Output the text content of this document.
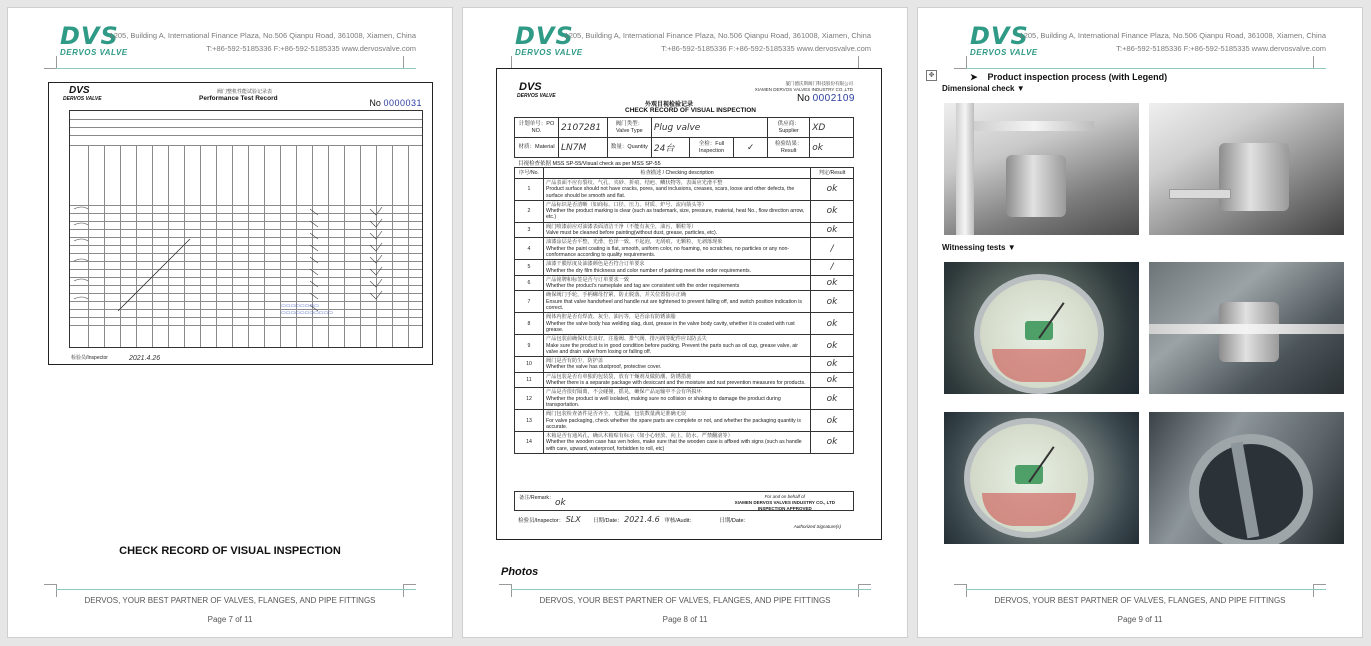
DVS
DERVOS VALVE
1205, Building A, International Finance Plaza, No.506 Qianpu Road, 361008, Xiamen, China
T:+86-592-5185336 F:+86-592-5185335 www.dervosvalve.com
DVS
DERVOS VALVE
阀门整机性能试验记录表
Performance Test Record	No 0000031
▭▭▭▭▭▭▭▭
▭▭▭▭▭▭▭▭▭▭▭
检验员/Inspector	2021.4.26
CHECK RECORD OF VISUAL INSPECTION
DERVOS, YOUR BEST PARTNER OF VALVES, FLANGES, AND PIPE FITTINGS
Page 7 of 11
DVS
DERVOS VALVE
1205, Building A, International Finance Plaza, No.506 Qianpu Road, 361008, Xiamen, China
T:+86-592-5185336 F:+86-592-5185335 www.dervosvalve.com
DVS
DERVOS VALVE
厦门德沃斯阀门科技股份有限公司
XIAMEN DERVOS VALVES INDUSTRY CO.,LTD
No 0002109
外观目视检验记录
CHECK RECORD OF VISUAL INSPECTION
计划单号：PO NO.	2107281	阀门类型：Valve Type	Plug valve			供应商：Supplier	XD
材质：Material	LN7M	数量：Quantity	24台	全检：Full Inspection	✓	检验结果：Result	ok
目视检查依据 MSS SP-55/Visual check as per MSS SP-55
序号/No.	检查描述 / Checking description	判定/Result
1	产品表面不应有裂纹、气孔、夹砂、折痕、结疤、鳞状物等，表面应光滑平整
Product surface should not have cracks, pores, sand inclusions, creases, scars, loose and other defects, the surface should be smooth and flat.	ok
2	产品标识是否清晰（如商标、口径、压力、材质、炉号、流向箭头等）
Whether the product marking is clear (such as trademark, size, pressure, material, heat No., flow direction arrow, etc.)	ok
3	阀门喷漆前应对油漆表面清洁干净（不能有灰尘，油污，颗粒等）
Valve must be cleaned before painting(without dust, grease, particles, etc).	ok
4	油漆涂层是否平整，光滑，色泽一致，不起泡，无刮痕，无颗粒，无剥落现象
Whether the paint coating is flat, smooth, uniform color, no foaming, no scratches, no particles or any non-conformance according to quality requirements.	/
5	油漆干膜厚度及油漆颜色是否符合订单要求
Whether the dry film thickness and color number of painting meet the order requirements.	/
6	产品铭牌和标签是否与订单要求一致
Whether the product's nameplate and tag are consistent with the order requirements	ok
7	确保阀门手轮，手柄螺母拧紧，防止脱落，并关位置指示正确
Ensure that valve handwheel and handle nut are tightened to prevent falling off, and switch position indication is correct.	ok
8	阀体内腔是否有焊渣、灰尘、油污等，是否涂有防锈油脂
Whether the valve body has welding slag, dust, grease in the valve body cavity, whether it is coated with rust grease.	ok
9	产品包装前确保状态良好，注脂阀、排气阀、排污阀等配件应以防丢失
Make sure the product is in good condition before packing. Prevent the parts such as oil cup, grease valve, air valve and drain valve from losing or falling off.	ok
10	阀门是否有防尘、防护盖
Whether the valve has dustproof, protective cover.	ok
11	产品包装是否有单独的包装袋，放有干燥剂及做防潮、防锈措施
Whether there is a separate package with desiccant and the moisture and rust prevention measures for products.	ok
12	产品是否很好隔离，不会碰撞，摇晃，确保产品运输中不会有所损坏
Whether the product is well isolated, making sure no collision or shaking to damage the product during transportation.	ok
13	阀门包装检查备件是否齐全，无遗漏，包装数量满足准确无误
For valve packaging, check whether the spare parts are complete or not, and whether the packaging quantity is accurate.	ok
14	木箱是否有通风孔，确认木箱贴有标示（如小心轻放、向上、防水、严禁翻滚等）
Whether the wooden case has ven holes, make sure that the wooden case is affixed with signs (such as handle with care, upward, waterproof, forbidden to roll, etc)	ok
备注/Remark： ok
For and on behalf of
XIAMEN DERVOS VALVES INDUSTRY CO., LTD
INSPECTION APPROVED
检验员/Inspector： SLX 日期/Date： 2021.4.6 审核/Audit：	日期/Date：
Authorized Signature(s)
Photos
DERVOS, YOUR BEST PARTNER OF VALVES, FLANGES, AND PIPE FITTINGS
Page 8 of 11
DVS
DERVOS VALVE
1205, Building A, International Finance Plaza, No.506 Qianpu Road, 361008, Xiamen, China
T:+86-592-5185336 F:+86-592-5185335 www.dervosvalve.com
✥	➤ Product inspection process (with Legend)
Dimensional check ▼
Witnessing tests ▼
DERVOS, YOUR BEST PARTNER OF VALVES, FLANGES, AND PIPE FITTINGS
Page 9 of 11
